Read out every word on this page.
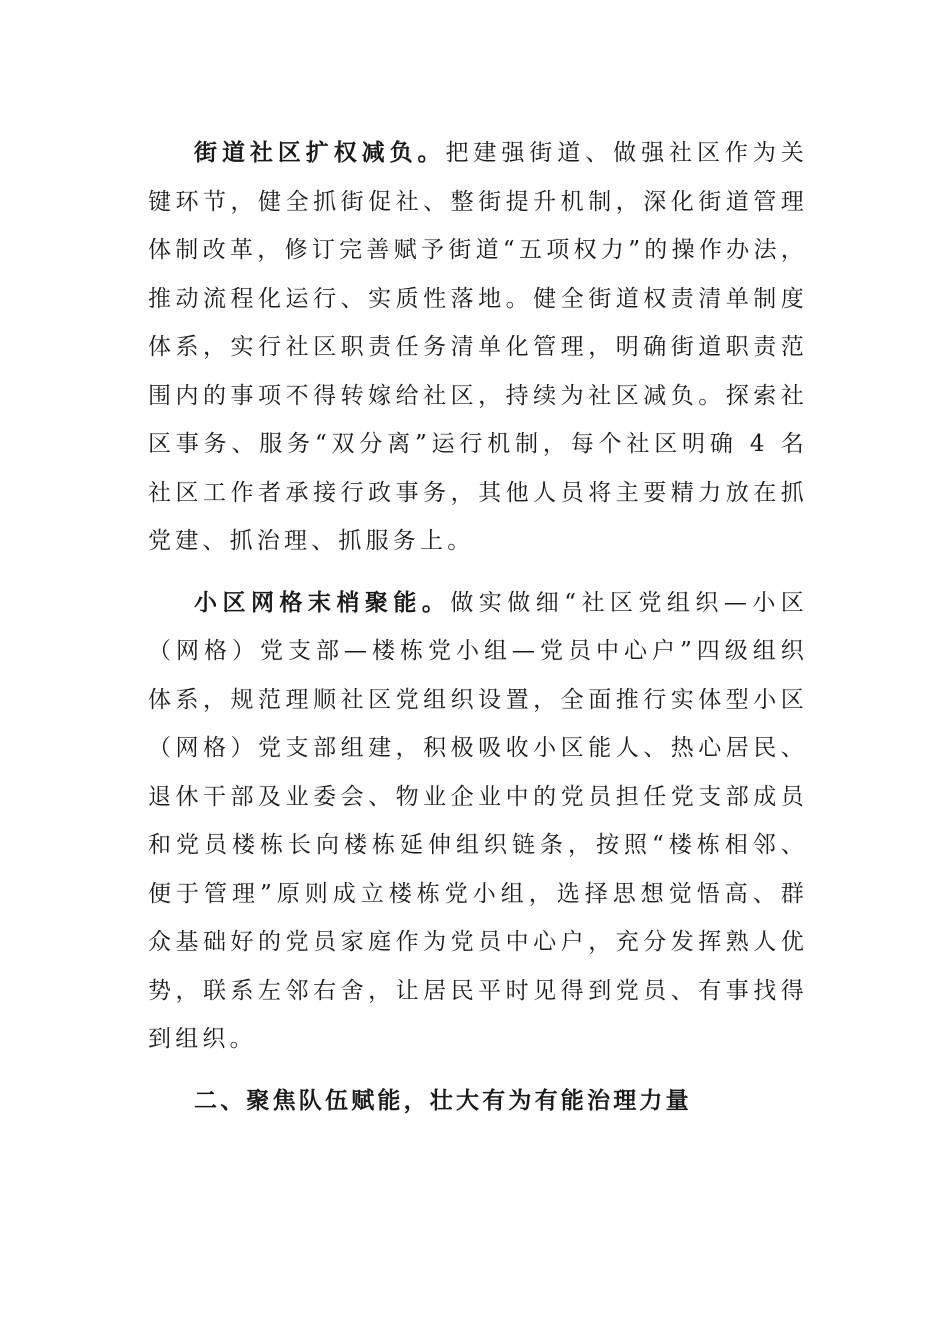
街道社区扩权减负。把建强街道、做强社区作为关键环节，健全抓街促社、整街提升机制，深化街道管理体制改革，修订完善赋予街道“五项权力”的操作办法，推动流程化运行、实质性落地。健全街道权责清单制度体系，实行社区职责任务清单化管理，明确街道职责范围内的事项不得转嫁给社区，持续为社区减负。探索社区事务、服务“双分离”运行机制，每个社区明确 4 名社区工作者承接行政事务，其他人员将主要精力放在抓党建、抓治理、抓服务上。

小区网格末梢聚能。做实做细“社区党组织—小区（网格）党支部—楼栋党小组—党员中心户”四级组织体系，规范理顺社区党组织设置，全面推行实体型小区（网格）党支部组建，积极吸收小区能人、热心居民、退休干部及业委会、物业企业中的党员担任党支部成员和党员楼栋长向楼栋延伸组织链条，按照“楼栋相邻、便于管理”原则成立楼栋党小组，选择思想觉悟高、群众基础好的党员家庭作为党员中心户，充分发挥熟人优势，联系左邻右舍，让居民平时见得到党员、有事找得到组织。

二、聚焦队伍赋能，壮大有为有能治理力量
